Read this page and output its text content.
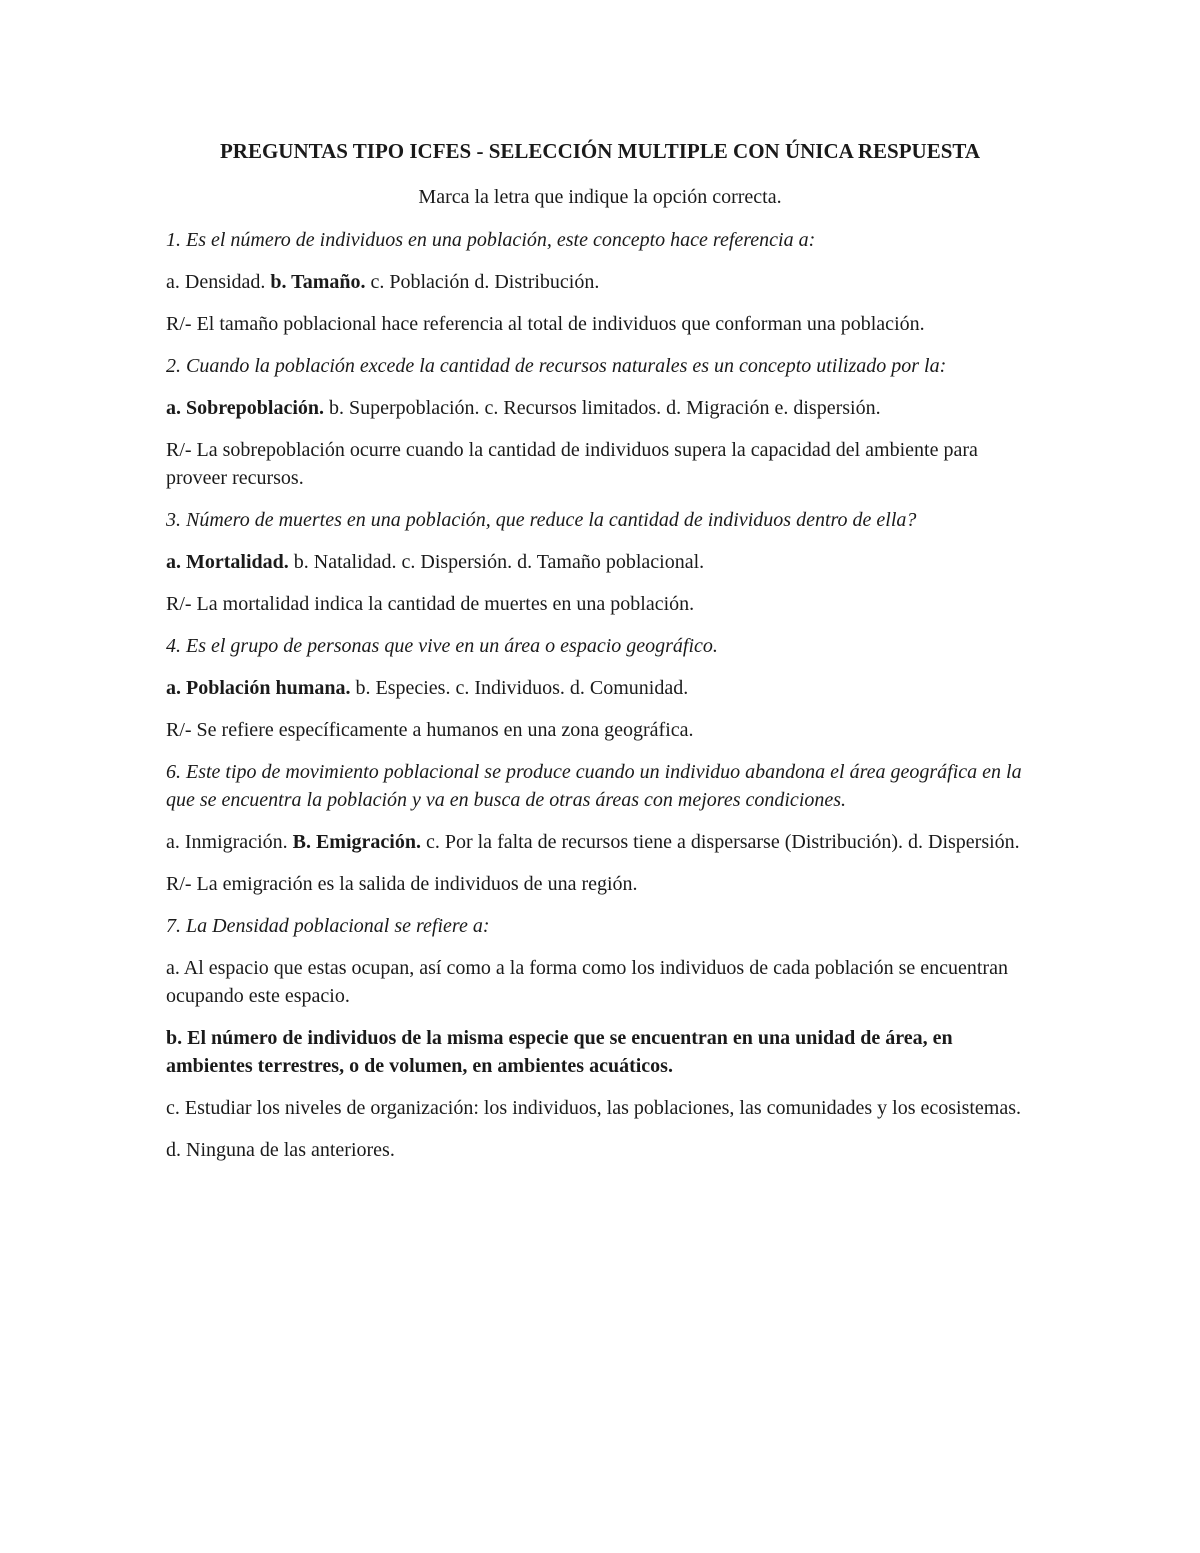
PREGUNTAS TIPO ICFES - SELECCIÓN MULTIPLE CON ÚNICA RESPUESTA
Marca la letra que indique la opción correcta.

1. Es el número de individuos en una población, este concepto hace referencia a:

a. Densidad. b. Tamaño. c. Población d. Distribución.

R/- El tamaño poblacional hace referencia al total de individuos que conforman una población.

2. Cuando la población excede la cantidad de recursos naturales es un concepto utilizado por la:

a. Sobrepoblación. b. Superpoblación. c. Recursos limitados. d. Migración e. dispersión.

R/- La sobrepoblación ocurre cuando la cantidad de individuos supera la capacidad del ambiente para proveer recursos.

3. Número de muertes en una población, que reduce la cantidad de individuos dentro de ella?

a. Mortalidad. b. Natalidad. c. Dispersión. d. Tamaño poblacional.

R/- La mortalidad indica la cantidad de muertes en una población.

4. Es el grupo de personas que vive en un área o espacio geográfico.

a. Población humana. b. Especies. c. Individuos. d. Comunidad.

R/- Se refiere específicamente a humanos en una zona geográfica.

6. Este tipo de movimiento poblacional se produce cuando un individuo abandona el área geográfica en la que se encuentra la población y va en busca de otras áreas con mejores condiciones.

a. Inmigración. B. Emigración. c. Por la falta de recursos tiene a dispersarse (Distribución). d. Dispersión.

R/- La emigración es la salida de individuos de una región.

7. La Densidad poblacional se refiere a:

a. Al espacio que estas ocupan, así como a la forma como los individuos de cada población se encuentran ocupando este espacio.

b. El número de individuos de la misma especie que se encuentran en una unidad de área, en ambientes terrestres, o de volumen, en ambientes acuáticos.

c. Estudiar los niveles de organización: los individuos, las poblaciones, las comunidades y los ecosistemas.

d. Ninguna de las anteriores.
